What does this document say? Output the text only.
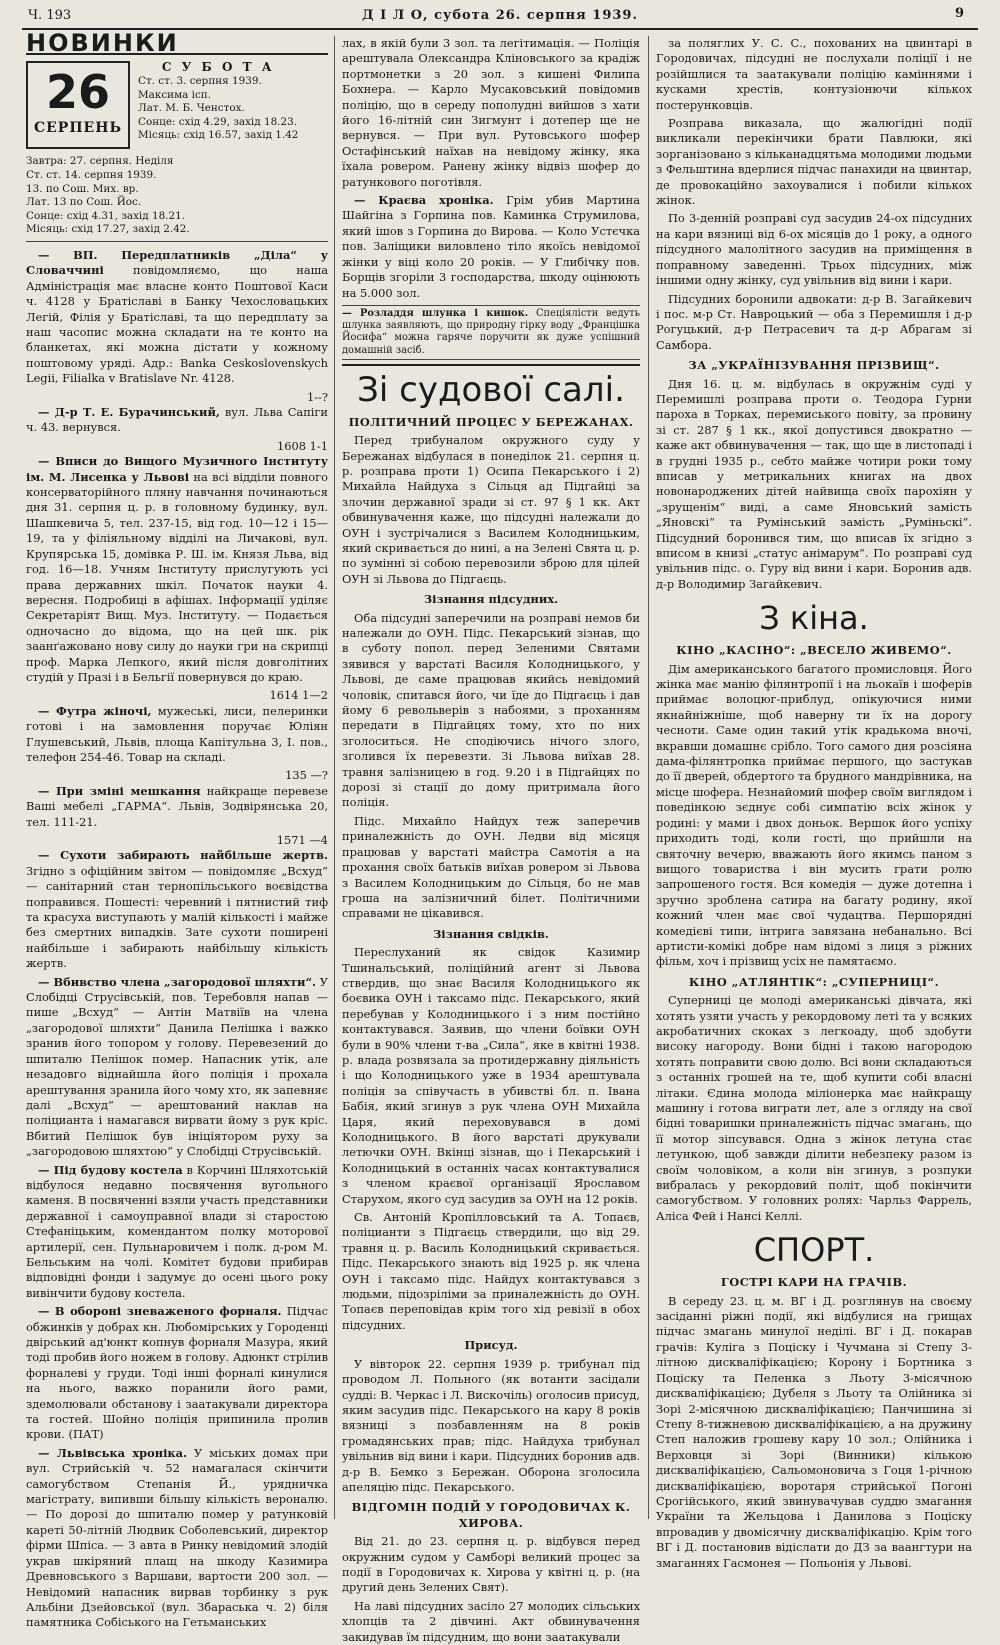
Ч. 193	Д І Л О, субота 26. серпня 1939.	9
НОВИНКИ
26
СЕРПЕНЬ
С У Б О Т А
Ст. ст. 3. серпня 1939.
Максима ісп.
Лат. М. Б. Ченстох.
Сонце: схід 4.29, захід 18.23.
Місяць: схід 16.57, захід 1.42
Завтра: 27. серпня. Неділя
Ст. ст. 14. серпня 1939.
13. по Сош. Мих. вр.
Лат. 13 по Сош. Йос.
Сонце: схід 4.31, захід 18.21.
Місяць: схід 17.27, захід 2.42.

— ВП. Передплатників „Діла“ у Словаччині повідомляємо, що наша Адміністрація має власне конто Поштової Каси ч. 4128 у Братіславі в Банку Чехословацьких Легій, Філія у Братіславі, та що передплату за наш часопис можна складати на те конто на бланкетах, які можна дістати у кожному поштовому уряді. Адр.: Banka Ceskoslovenskych Legii, Filialka v Bratislave Nr. 4128.

1--?

— Д-р Т. Е. Бурачинський, вул. Льва Сапіги ч. 43. вернувся.

1608 1-1

— Вписи до Вищого Музичного Інституту ім. М. Лисенка у Львові на всі відділи повного консерваторійного пляну навчання починаються дня 31. серпня ц. р. в головному будинку, вул. Шашкевича 5, тел. 237-15, від год. 10—12 і 15—19, та у філіяльному відділі на Личакові, вул. Крупярська 15, домівка Р. Ш. ім. Князя Льва, від год. 16—18. Учням Інституту прислугують усі права державних шкіл. Початок науки 4. вересня. Подробиці в афішах. Інформації уділяє Секретаріят Вищ. Муз. Інституту. — Подається одночасно до відома, що на цей шк. рік заанґажовано нову силу до науки гри на скрипці проф. Марка Лепкого, який після довголітних студій у Празі і в Бельгії повернувся до краю.

1614 1—2

— Футра жіночі, мужеські, лиси, пелеринки готові і на замовлення поручає Юліян Глушевський, Львів, площа Капітульна 3, І. пов., телефон 254-46. Товар на складі.

135 —?

— При зміні мешкання найкраще перевезе Ваші мебелі „ГАРМА“. Львів, Зодвірянська 20, тел. 111-21.

1571 —4

— Сухоти забирають найбільше жертв. Згідно з офіційним звітом — повідомляє „Всхуд“ — санітарний стан тернопільського воєвідства поправився. Пошесті: черевний і пятнистий тиф та красуха виступають у малій кількості і майже без смертних випадків. Зате сухоти поширені найбільше і забирають найбільшу кількість жертв.

— Вбивство члена „загородової шляхти“. У Слобідці Струсівській, пов. Теребовля напав — пише „Всхуд“ — Антін Матвіїв на члена „загородової шляхти“ Данила Пелішка і важко зранив його топором у голову. Перевезений до шпиталю Пелішок помер. Напасник утік, але незадовго віднайшла його поліція і прохала арештування зранила його чому хто, як запевняє далі „Всхуд“ — арештований наклав на поліцианта і намагався вирвати йому з рук кріс. Вбитий Пелішок був ініціятором руху за „загородовою шляхтою“ у Слобідці Струсівській.

— Під будову костела в Корчині Шляхотській відбулося недавно посвячення вугольного каменя. В посвяченні взяли участь представники державної і самоуправної влади зі старостою Стефаніцьким, комендантом полку моторової артилерії, сен. Пульнаровичем і полк. д-ром М. Бельським на чолі. Комітет будови прибирав відповідні фонди і задумує до осені цього року вивінчити будову костела.

— В обороні зневаженого форналя. Підчас обжинків у добрах кн. Любомірських у Городенці двірський ад'юнкт копнув форналя Мазура, який тоді пробив його ножем в голову. Адюнкт стрілив форналеві у груди. Тоді інші форналі кинулися на нього, важко поранили його рами, здемолювали обстанову і заатакували директора та гостей. Шойно поліція припинила пролив крови. (ПАТ)

— Львівська хроніка. У міських домах при вул. Стрийській ч. 52 намагалася скінчити самогубством Степанія Й., урядничка магістрату, випивши більшу кількість вероналю. — По дорозі до шпиталю помер у ратунковій кареті 50-літній Людвик Соболевський, директор фірми Шпіса. — З авта в Ринку невідомий злодій украв шкіряний плащ на шкоду Казимира Древновського з Варшави, вартости 200 зол. — Невідомий напасник вирвав торбинку з рук Альбіни Дзейовської (вул. Збараська ч. 2) біля памятника Собіського на Гетьманських

лах, в якій були 3 зол. та легітимація. — Поліція арештувала Олександра Кліновського за крадіж портмонетки з 20 зол. з кишені Филипа Бохнера. — Карло Мусаковський повідомив поліцію, що в середу пополудні вийшов з хати його 16-літній син Зигмунт і дотепер ще не вернувся. — При вул. Рутовського шофер Остафінський наїхав на невідому жінку, яка їхала ровером. Ранену жінку відвіз шофер до ратункового поготівля.

— Краєва хроніка. Грім убив Мартина Шайгіна з Горпина пов. Каминка Струмилова, який ішов з Горпина до Вирова. — Коло Устєчка пов. Заліщики виловлено тіло якоїсь невідомої жінки у віці коло 20 років. — У Глибічку пов. Борщів згоріли 3 господарства, шкоду оцінюють на 5.000 зол.

— Розладдя шлунка і кишок. Спеціялісти ведуть шлунка заявляють, що природну гірку воду „Францішка Йосифа“ можна гаряче поручити як дуже успішний домашній засіб.
Зі судової салі.
ПОЛІТИЧНИЙ ПРОЦЕС У БЕРЕЖАНАХ.

Перед трибуналом окружного суду у Бережанах відбулася в понеділок 21. серпня ц. р. розправа проти 1) Осипа Пекарського і 2) Михайла Найдуха з Сільця ад Підгайці за злочин державної зради зі ст. 97 § 1 кк. Акт обвинувачення каже, що підсудні належали до ОУН і зустрічалися з Василем Колодницьким, який скривається до нині, а на Зелені Свята ц. р. по зумінні зі собою перевозили зброю для цілей ОУН зі Львова до Підгаєць.

Зізнання підсудних.

Оба підсудні заперечили на розправі немов би належали до ОУН. Підс. Пекарський зізнав, що в суботу попол. перед Зеленими Святами зявився у варстаті Василя Колодницького, у Львові, де саме працював якийсь невідомий чоловік, спитався його, чи їде до Підгаєць і дав йому 6 револьверів з набоями, з проханням передати в Підгайцях тому, хто по них зголоситься. Не сподіючись нічого злого, зголився їх перевезти. Зі Львова виїхав 28. травня залізницею в год. 9.20 і в Підгайцях по дорозі зі стації до дому притримала його поліція.

Підс. Михайло Найдух теж заперечив приналежність до ОУН. Ледви від місяця працював у варстаті майстра Самотія а на прохання своїх батьків виїхав ровером зі Львова з Василем Колодницьким до Сільця, бо не мав гроша на залізничний білет. Політичними справами не цікавився.

Зізнання свідків.

Переслуханий як свідок Казимир Тшинальський, поліційний агент зі Львова ствердив, що знає Василя Колодницького як боєвика ОУН і таксамо підс. Пекарського, який перебував у Колодницького і з ним постійно контактувався. Заявив, що члени боївки ОУН були в 90% члени т-ва „Сила“, яке в квітні 1938. р. влада розвязала за протидержавну діяльність і що Колодницького уже в 1934 арештувала поліція за співучасть в убивстві бл. п. Івана Бабія, який згинув з рук члена ОУН Михайла Царя, який переховувався в домі Колодницького. В його варстаті друкували летючки ОУН. Вкінці зізнав, що і Пекарський і Колодницький в останніх часах контактувалися з членом краєвої організації Ярославом Старухом, якого суд засудив за ОУН на 12 років.

Св. Антоній Кропілловський та А. Топаєв, поліцианти з Підгаєць ствердили, що від 29. травня ц. р. Василь Колодницький скривається. Підс. Пекарського знають від 1925 р. як члена ОУН і таксамо підс. Найдух контактувався з людьми, підозріліми за приналежність до ОУН. Топаєв переповідав крім того хід ревізії в обох підсудних.

Присуд.

У вівторок 22. серпня 1939 р. трибунал під проводом Л. Польного (як вотанти засідали судді: В. Черкас і Л. Вискочіль) оголосив присуд, яким засудив підс. Пекарського на кару 8 років вязниці з позбавленням на 8 років громадянських прав; підс. Найдуха трибунал увільнив від вини і кари. Підсудних боронив адв. д-р В. Бемко з Бережан. Оборона зголосила апеляцію підс. Пекарського.

ВІДГОМІН ПОДІЙ У ГОРОДОВИЧАХ К. ХИРОВА.

Від 21. до 23. серпня ц. р. відбувся перед окружним судом у Самборі великий процес за події в Городовичах к. Хирова у квітні ц. р. (на другий день Зелених Свят).

На лаві підсудних засіло 27 молодих сільських хлопців та 2 дівчині. Акт обвинувачення закидував їм підсудним, що вони заатакували

за поляглих У. С. С., похованих на цвинтарі в Городовичах, підсудні не послухали поліції і не розійшлися та заатакували поліцію каміннями і кусками хрестів, контузіонючи кількох постерунковців.

Розправа виказала, що жалюгідні події викликали перекінчики брати Павлюки, які зорганізовано з кільканадцятьма молодими людьми з Фельштина вдерлися підчас панахиди на цвинтар, де провокаційно захоувалися і побили кількох жінок.

По 3-денній розправі суд засудив 24-ох підсудних на кари вязниці від 6-ох місяців до 1 року, а одного підсудного малолітного засудив на приміщення в поправному заведенні. Трьох підсудних, між іншими одну жінку, суд увільнив від вини і кари.

Підсудних боронили адвокати: д-р В. Загайкевич і пос. м-р Ст. Навроцький — оба з Перемишля і д-р Рогуцький, д-р Петрасевич та д-р Абрагам зі Самбора.

ЗА „УКРАЇНІЗУВАННЯ ПРІЗВИЩ“.

Дня 16. ц. м. відбулась в окружнім суді у Перемишлі розправа проти о. Теодора Гурни пароха в Торках, перемиського повіту, за провину зі ст. 287 § 1 кк., якої допустився двократно — каже акт обвинувачення — так, що ще в листопаді і в грудні 1935 р., себто майже чотири роки тому вписав у метрикальних книгах на двох новонароджених дітей найвища своїх парохіян у „зрущенім“ виді, а саме Яновський замість „Яновскі“ та Румінський замість „Руміньскі“. Підсудний боронився тим, що вписав їх згідно з вписом в книзі „статус анімарум“. По розправі суд увільнив підс. о. Гуру від вини і кари. Боронив адв. д-р Володимир Загайкевич.

З кіна.
КІНО „КАСІНО“: „ВЕСЕЛО ЖИВЕМО“.

Дім американського багатого промисловця. Його жінка має манію філянтропії і на льокаїв і шоферів приймає волоцюг-приблуд, опікуючися ними якнайніжніше, щоб наверну ти їх на дорогу чесноти. Саме один такий утік крадькома вночі, вкравши домашнє срібло. Того самого дня розсіяна дама-філянтропка приймає першого, що застукав до її дверей, обдертого та брудного мандрівника, на місце шофера. Незнайомий шофер своїм виглядом і поведінкою зєднує собі симпатію всіх жінок у родині: у мами і двох доньок. Вершок його успіху приходить тоді, коли гості, що прийшли на святочну вечерю, вважають його якимсь паном з вищого товариства і він мусить грати ролю запрошеного гостя. Вся комедія — дуже дотепна і зручно зроблена сатира на багату родину, якої кожний член має свої чудацтва. Першорядні комедієві типи, інтрига завязана небанально. Всі артисти-комікі добре нам відомі з лиця з ріжних фільм, хоч і прізвищ усіх не памятаємо.

КІНО „АТЛЯНТІК“: „СУПЕРНИЦІ“.

Суперниці це молоді американські дівчата, які хотять узяти участь у рекордовому леті та у всяких акробатичних скоках з легкоаду, щоб здобути високу нагороду. Вони бідні і такою нагородою хотять поправити свою долю. Всі вони складаються з останніх грошей на те, щоб купити собі власні літаки. Єдина молода міліонерка має найкращу машину і готова виграти лет, але з огляду на свої бідні товаришки приналежність підчас змагань, що її мотор зіпсувався. Одна з жінок летуна стає летункою, щоб завжди ділити небезпеку разом із своїм чоловіком, а коли він згинув, з розпуки вибралась у рекордовий політ, щоб покінчити самогубством. У головних ролях: Чарльз Фаррель, Аліса Фей і Нансі Келлі.

СПОРТ.
ГОСТРІ КАРИ НА ГРАЧІВ.

В середу 23. ц. м. ВГ і Д. розглянув на своєму засіданні ріжні події, які відбулися на грищах підчас змагань минулої неділі. ВГ і Д. покарав грачів: Куліга з Поціску і Чучмана зі Степу 3-літною дискваліфікацією; Корону і Бортника з Поціску та Пеленка з Льоту 3-місячною дискваліфікацією; Дубеля з Льоту та Олійника зі Зорі 2-місячною дискваліфікацією; Панчишина зі Степу 8-тижневою дискваліфікацією, а на дружину Степ наложив грошеву кару 10 зол.; Олійника і Верховця зі Зорі (Винники) кількою дискваліфікацією, Сальомоновича з Гоця 1-річною дискваліфікацією, воротаря стрийської Погоні Срогійського, який звинувачував суддю змагання України та Жельцова і Данилова з Поціску впровадив у двомісячну дискваліфікацію. Крім того ВГ і Д. постановив відіслати до ДЗ за ваангтури на змаганнях Гасмонея — Польонія у Львові.
